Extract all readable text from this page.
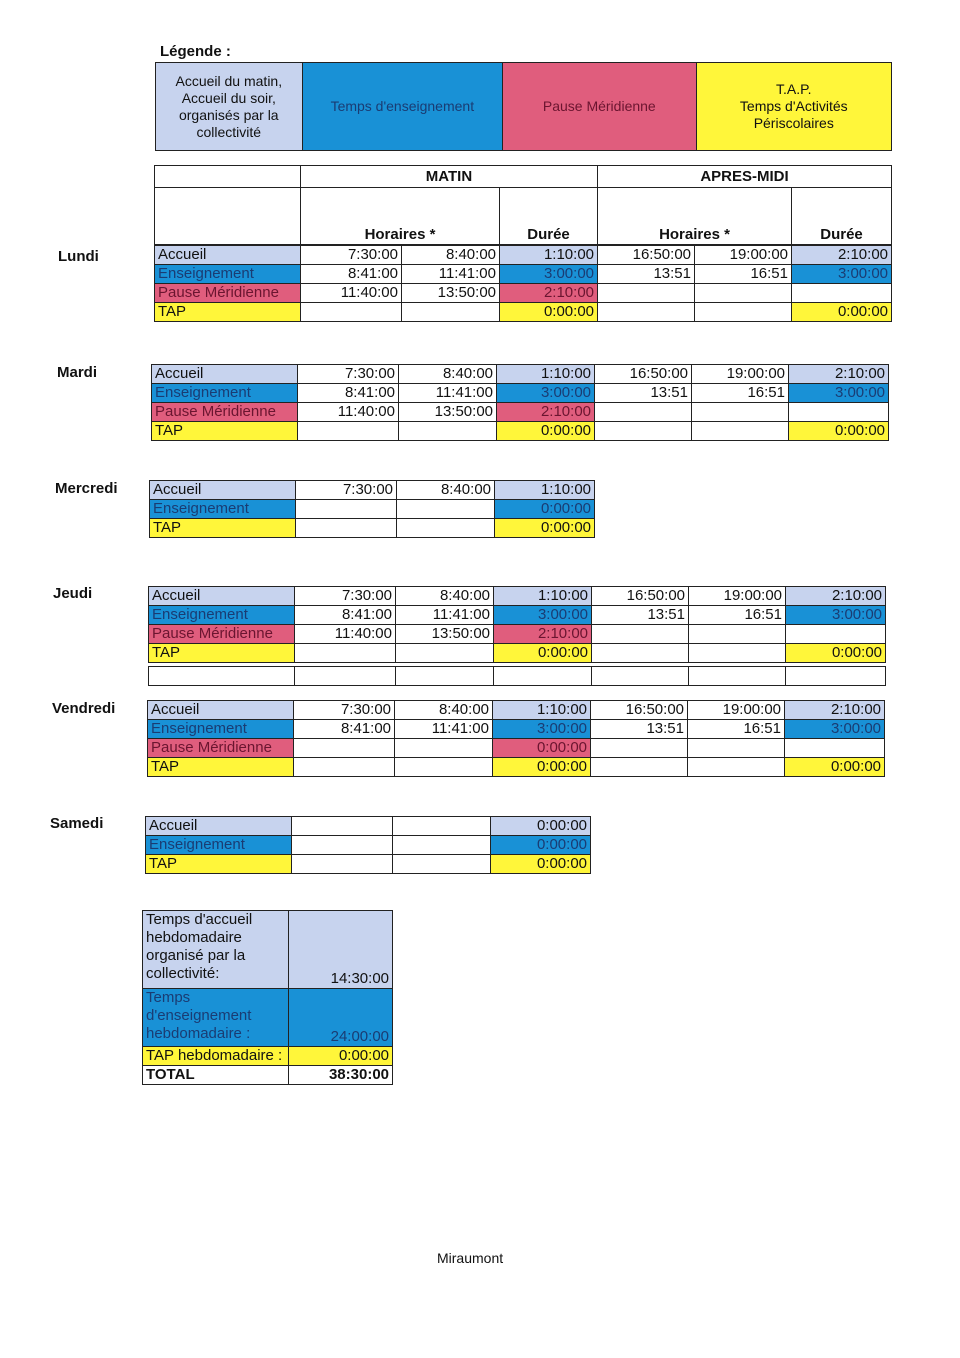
Légende :
Accueil du matin,
Accueil du soir,
organisés par la
collectivité
Temps d'enseignement	Pause Méridienne
T.A.P.
Temps d'Activités
Périscolaires
Lundi
Mardi
Mercredi
Jeudi
Vendredi
Samedi
	MATIN		APRES-MIDI	
	Horaires *	Durée	Horaires *	Durée
Accueil	7:30:00	8:40:00	1:10:00	16:50:00	19:00:00	2:10:00
Enseignement	8:41:00	11:41:00	3:00:00	13:51	16:51	3:00:00
Pause Méridienne	11:40:00	13:50:00	2:10:00			
TAP			0:00:00			0:00:00
Accueil	7:30:00	8:40:00	1:10:00	16:50:00	19:00:00	2:10:00
Enseignement	8:41:00	11:41:00	3:00:00	13:51	16:51	3:00:00
Pause Méridienne	11:40:00	13:50:00	2:10:00			
TAP			0:00:00			0:00:00
Accueil	7:30:00	8:40:00	1:10:00
Enseignement			0:00:00
TAP			0:00:00
Accueil	7:30:00	8:40:00	1:10:00	16:50:00	19:00:00	2:10:00
Enseignement	8:41:00	11:41:00	3:00:00	13:51	16:51	3:00:00
Pause Méridienne	11:40:00	13:50:00	2:10:00			
TAP			0:00:00			0:00:00

Accueil	7:30:00	8:40:00	1:10:00	16:50:00	19:00:00	2:10:00
Enseignement	8:41:00	11:41:00	3:00:00	13:51	16:51	3:00:00
Pause Méridienne			0:00:00			
TAP			0:00:00			0:00:00
Accueil			0:00:00
Enseignement			0:00:00
TAP			0:00:00
Temps d'accueil
hebdomadaire
organisé par la
collectivité:	14:30:00
Temps
d'enseignement
hebdomadaire :	24:00:00
TAP hebdomadaire :	0:00:00
TOTAL	38:30:00
Miraumont
